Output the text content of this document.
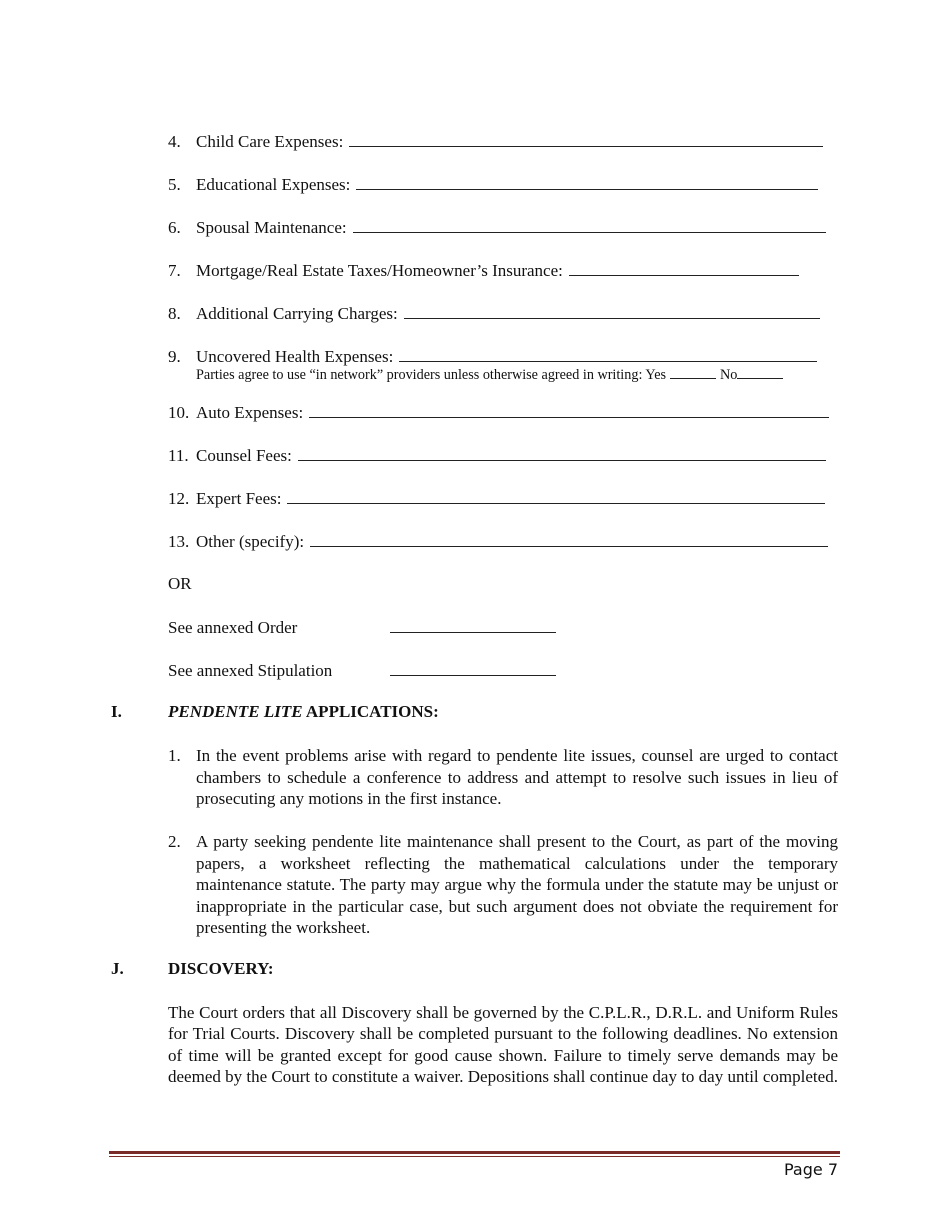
4. Child Care Expenses:
5. Educational Expenses:
6. Spousal Maintenance:
7. Mortgage/Real Estate Taxes/Homeowner’s Insurance:
8. Additional Carrying Charges:
9. Uncovered Health Expenses:
Parties agree to use “in network” providers unless otherwise agreed in writing: Yes	No
10. Auto Expenses:
11. Counsel Fees:
12. Expert Fees:
13. Other (specify):
OR
See annexed Order
See annexed Stipulation
I.	PENDENTE LITE APPLICATIONS:
1. In the event problems arise with regard to pendente lite issues, counsel are urged to contact chambers to schedule a conference to address and attempt to resolve such issues in lieu of prosecuting any motions in the first instance.
2. A party seeking pendente lite maintenance shall present to the Court, as part of the moving papers, a worksheet reflecting the mathematical calculations under the temporary maintenance statute. The party may argue why the formula under the statute may be unjust or inappropriate in the particular case, but such argument does not obviate the requirement for presenting the worksheet.
J.	DISCOVERY:
The Court orders that all Discovery shall be governed by the C.P.L.R., D.R.L. and Uniform Rules for Trial Courts. Discovery shall be completed pursuant to the following deadlines. No extension of time will be granted except for good cause shown. Failure to timely serve demands may be deemed by the Court to constitute a waiver. Depositions shall continue day to day until completed.
Page 7
